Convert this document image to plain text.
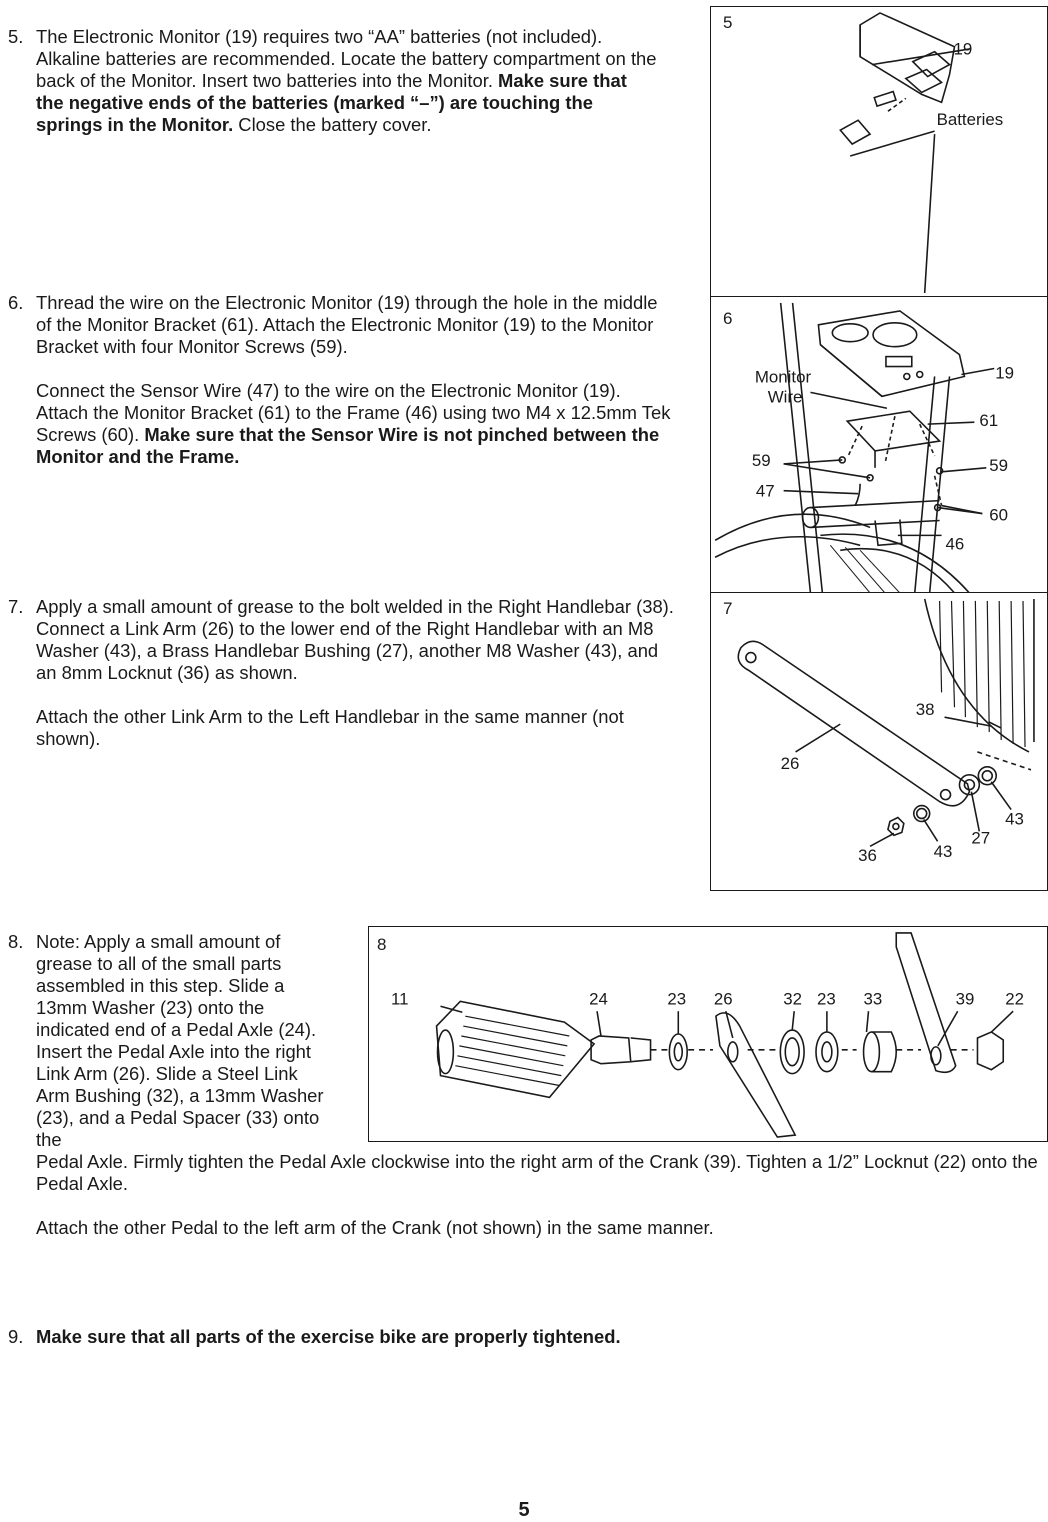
5. The Electronic Monitor (19) requires two “AA” batteries (not included). Alkaline batteries are recommended. Locate the battery compartment on the back of the Monitor. Insert two batteries into the Monitor. Make sure that the negative ends of the batteries (marked “–”) are touching the springs in the Monitor. Close the battery cover.

6. Thread the wire on the Electronic Monitor (19) through the hole in the middle of the Monitor Bracket (61). Attach the Electronic Monitor (19) to the Monitor Bracket with four Monitor Screws (59).

Connect the Sensor Wire (47) to the wire on the Electronic Monitor (19). Attach the Monitor Bracket (61) to the Frame (46) using two M4 x 12.5mm Tek Screws (60). Make sure that the Sensor Wire is not pinched between the Monitor and the Frame.

7. Apply a small amount of grease to the bolt welded in the Right Handlebar (38). Connect a Link Arm (26) to the lower end of the Right Handlebar with an M8 Washer (43), a Brass Handlebar Bushing (27), another M8 Washer (43), and an 8mm Locknut (36) as shown.

Attach the other Link Arm to the Left Handlebar in the same manner (not shown).

8. Note: Apply a small amount of grease to all of the small parts assembled in this step. Slide a 13mm Washer (23) onto the indicated end of a Pedal Axle (24). Insert the Pedal Axle into the right Link Arm (26). Slide a Steel Link Arm Bushing (32), a 13mm Washer (23), and a Pedal Spacer (33) onto the

Pedal Axle. Firmly tighten the Pedal Axle clockwise into the right arm of the Crank (39). Tighten a 1/2” Locknut (22) onto the Pedal Axle.

Attach the other Pedal to the left arm of the Crank (not shown) in the same manner.

9. Make sure that all parts of the exercise bike are properly tightened.
5
19
Batteries
6
Monitor
Wire
19
61
59	59
47
60
46
7
38
26
43
27
43
36
8
11	24	23 26	32 23 33	39 22
5
